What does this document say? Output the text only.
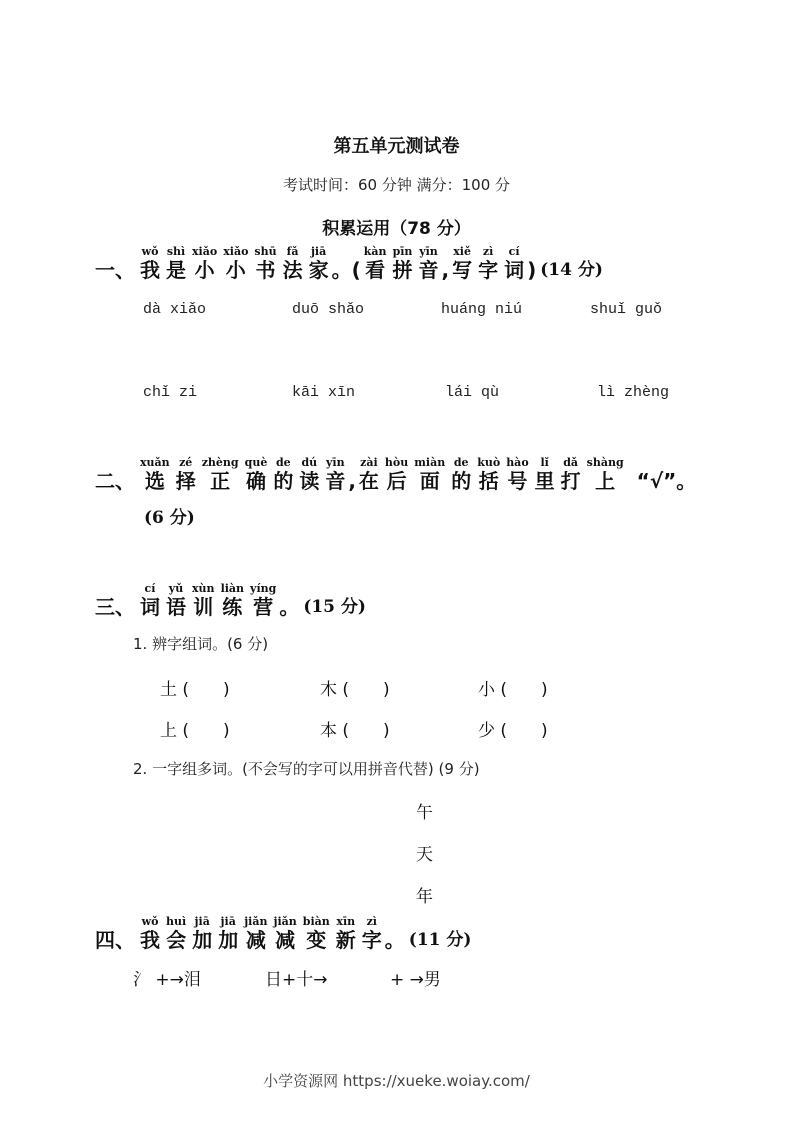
第五单元测试卷
考试时间：60 分钟 满分：100 分
积累运用（78 分）
一、
wǒ
我
shì
是
xiǎo
小
xiǎo
小
shū
书
fǎ
法
jiā
家 。(
kàn
看
pīn
拼
yīn
音 ,
xiě
写
zì
字
cí
词 ) (14 分)
dà xiǎo	duō shǎo	huáng niú	shuǐ guǒ
chǐ zi	kāi xīn	lái qù	lì zhèng
二、
xuǎn
选
zé
择
zhèng
正
què
确
de
的
dú
读
yīn
音 ,
zài
在
hòu
后
miàn
面
de
的
kuò
括
hào
号
lǐ
里
dǎ
打
shàng
上 “√”。
(6 分)
三、
cí
词
yǔ
语
xùn
训
liàn
练
yíng
营 。 (15 分)
1. 辨字组词。(6 分)
土 (　　)	木 (　　)	小 (　　)
上 (　　)	本 (　　)	少 (　　)
2. 一字组多词。(不会写的字可以用拼音代替) (9 分)
午
天
年
四、
wǒ
我
huì
会
jiā
加
jiā
加
jiǎn
减
jiǎn
减
biàn
变
xīn
新
zì
字 。 (11 分)
氵 +→泪	日+十→	+ →男
小学资源网 https://xueke.woiay.com/
